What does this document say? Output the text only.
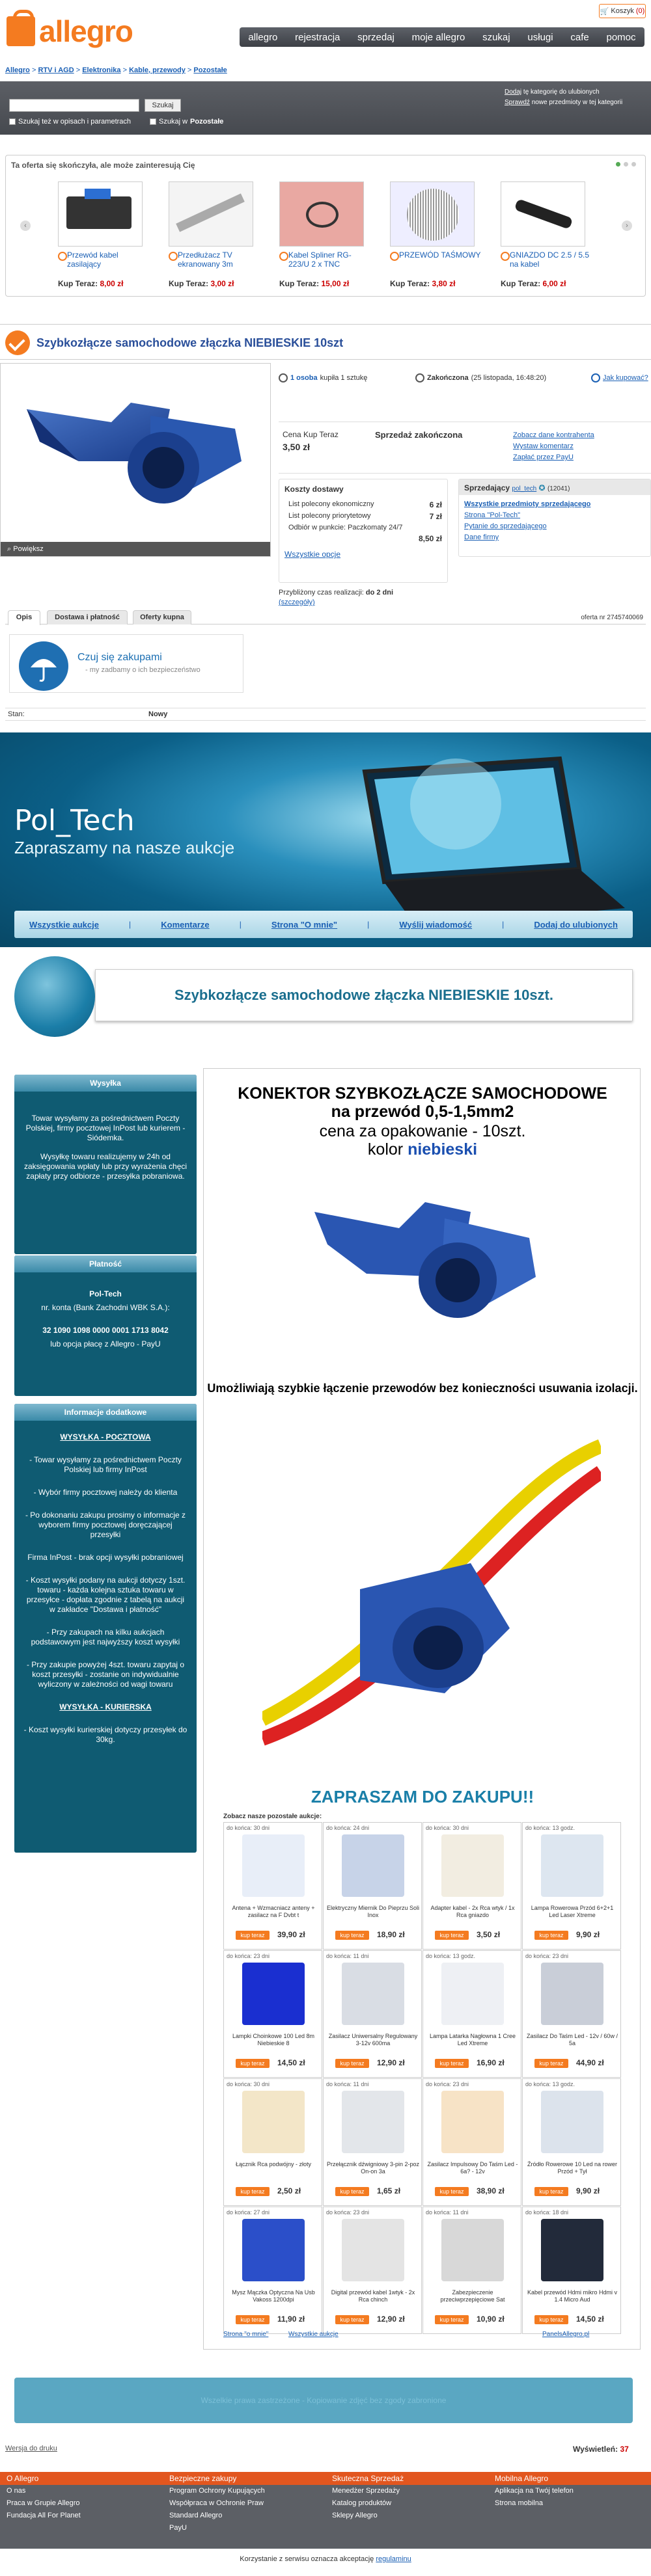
allegro
🛒 Koszyk (0)
allegro rejestracja sprzedaj moje allegro szukaj usługi cafe pomoc
Allegro > RTV i AGD > Elektronika > Kable, przewody > Pozostałe
Szukaj
Szukaj też w opisach i parametrach	Szukaj w Pozostałe
Dodaj tę kategorię do ulubionych
Sprawdź nowe przedmioty w tej kategorii
Ta oferta się skończyła, ale może zainteresują Cię
‹	›
Przewód kabel zasilający
Kup Teraz: 8,00 zł
Przedłużacz TV ekranowany 3m
Kup Teraz: 3,00 zł
Kabel Spliner RG-223/U 2 x TNC
Kup Teraz: 15,00 zł
PRZEWÓD TAŚMOWY
Kup Teraz: 3,80 zł
GNIAZDO DC 2.5 / 5.5 na kabel
Kup Teraz: 6,00 zł
Szybkozłącze samochodowe złączka NIEBIESKIE 10szt
⌕ Powiększ
1 osoba kupiła 1 sztukę	Zakończona (25 listopada, 16:48:20)	Jak kupować?
Cena Kup Teraz
3,50 zł
Sprzedaż zakończona	Zobacz dane kontrahenta
Wystaw komentarz
Zapłać przez PayU
Koszty dostawy
List polecony ekonomiczny	6 zł
List polecony priorytetowy	7 zł
Odbiór w punkcie: Paczkomaty 24/7
8,50 zł
Wszystkie opcje
Przybliżony czas realizacji: do 2 dni
(szczegóły)
Sprzedający pol_tech ✪ (12041)
Wszystkie przedmioty sprzedającego
Strona "Pol-Tech"
Pytanie do sprzedającego
Dane firmy
Opis	Dostawa i płatność	Oferty kupna	oferta nr 2745740069
Czuj się zakupami
- my zadbamy o ich bezpieczeństwo
Stan:	Nowy
Pol_Tech
Zapraszamy na nasze aukcje
Wszystkie aukcje	|	Komentarze	|	Strona "O mnie"	|	Wyślij wiadomość	|	Dodaj do ulubionych
Szybkozłącze samochodowe złączka NIEBIESKIE 10szt.
Wysyłka

Towar wysyłamy za pośrednictwem Poczty Polskiej, firmy pocztowej InPost lub kurierem - Siódemka.

Wysyłkę towaru realizujemy w 24h od zaksięgowania wpłaty lub przy wyrażenia chęci zapłaty przy odbiorze - przesyłka pobraniowa.

Płatność

Pol-Tech

nr. konta (Bank Zachodni WBK S.A.):

32 1090 1098 0000 0001 1713 8042

lub opcja płacę z Allegro - PayU

Informacje dodatkowe

WYSYŁKA - POCZTOWA

- Towar wysyłamy za pośrednictwem Poczty Polskiej lub firmy InPost

- Wybór firmy pocztowej należy do klienta

- Po dokonaniu zakupu prosimy o informacje z wyborem firmy pocztowej doręczającej przesyłki

Firma InPost - brak opcji wysyłki pobraniowej

- Koszt wysyłki podany na aukcji dotyczy 1szt. towaru - każda kolejna sztuka towaru w przesyłce - dopłata zgodnie z tabelą na aukcji w zakładce "Dostawa i płatność"

- Przy zakupach na kilku aukcjach podstawowym jest najwyższy koszt wysyłki

- Przy zakupie powyżej 4szt. towaru zapytaj o koszt przesyłki - zostanie on indywidualnie wyliczony w zależności od wagi towaru

WYSYŁKA - KURIERSKA

- Koszt wysyłki kurierskiej dotyczy przesyłek do 30kg.

KONEKTOR SZYBKOZŁĄCZE SAMOCHODOWE
na przewód 0,5-1,5mm2
cena za opakowanie - 10szt.
kolor niebieski
Umożliwiają szybkie łączenie przewodów bez konieczności usuwania izolacji.
ZAPRASZAM DO ZAKUPU!!
Zobacz nasze pozostałe aukcje:
do końca: 30 dni
Antena + Wzmacniacz anteny + zasilacz na F Dvbt t
kup teraz	39,90 zł
do końca: 24 dni
Elektryczny Miernik Do Pieprzu Soli Inox
kup teraz	18,90 zł
do końca: 30 dni
Adapter kabel - 2x Rca wtyk / 1x Rca gniazdo
kup teraz	3,50 zł
do końca: 13 godz.
Lampa Rowerowa Przód 6+2+1 Led Laser Xtreme
kup teraz	9,90 zł
do końca: 23 dni
Lampki Choinkowe 100 Led 8m Niebieskie 8
kup teraz	14,50 zł
do końca: 11 dni
Zasilacz Uniwersalny Regulowany 3-12v 600ma
kup teraz	12,90 zł
do końca: 13 godz.
Lampa Latarka Nagłowna 1 Cree Led Xtreme
kup teraz	16,90 zł
do końca: 23 dni
Zasilacz Do Taśm Led - 12v / 60w / 5a
kup teraz	44,90 zł
do końca: 30 dni
Łącznik Rca podwójny - złoty
kup teraz	2,50 zł
do końca: 11 dni
Przełącznik dźwigniowy 3-pin 2-poz On-on 3a
kup teraz	1,65 zł
do końca: 23 dni
Zasilacz Impulsowy Do Taśm Led - 6a? - 12v
kup teraz	38,90 zł
do końca: 13 godz.
Źródło Rowerowe 10 Led na rower Przód + Tył
kup teraz	9,90 zł
do końca: 27 dni
Mysz Mączka Optyczna Na Usb Vakoss 1200dpi
kup teraz	11,90 zł
do końca: 23 dni
Digital przewód kabel 1wtyk - 2x Rca chinch
kup teraz	12,90 zł
do końca: 11 dni
Zabezpieczenie przeciwprzepięciowe Sat
kup teraz	10,90 zł
do końca: 18 dni
Kabel przewód Hdmi mikro Hdmi v 1.4 Micro Aud
kup teraz	14,50 zł
Strona "o mnie"	Wszystkie aukcje	PanelsAllegro.pl
Wszelkie prawa zastrzeżone - Kopiowanie zdjęć bez zgody zabronione
Wersja do druku	Wyświetleń: 37
O Allegro
O nas
Praca w Grupie Allegro
Fundacja All For Planet
Bezpieczne zakupy
Program Ochrony Kupujących
Współpraca w Ochronie Praw
Standard Allegro
PayU
Skuteczna Sprzedaż
Menedżer Sprzedaży
Katalog produktów
Sklepy Allegro
Mobilna Allegro
Aplikacja na Twój telefon
Strona mobilna
Korzystanie z serwisu oznacza akceptację regulaminu
